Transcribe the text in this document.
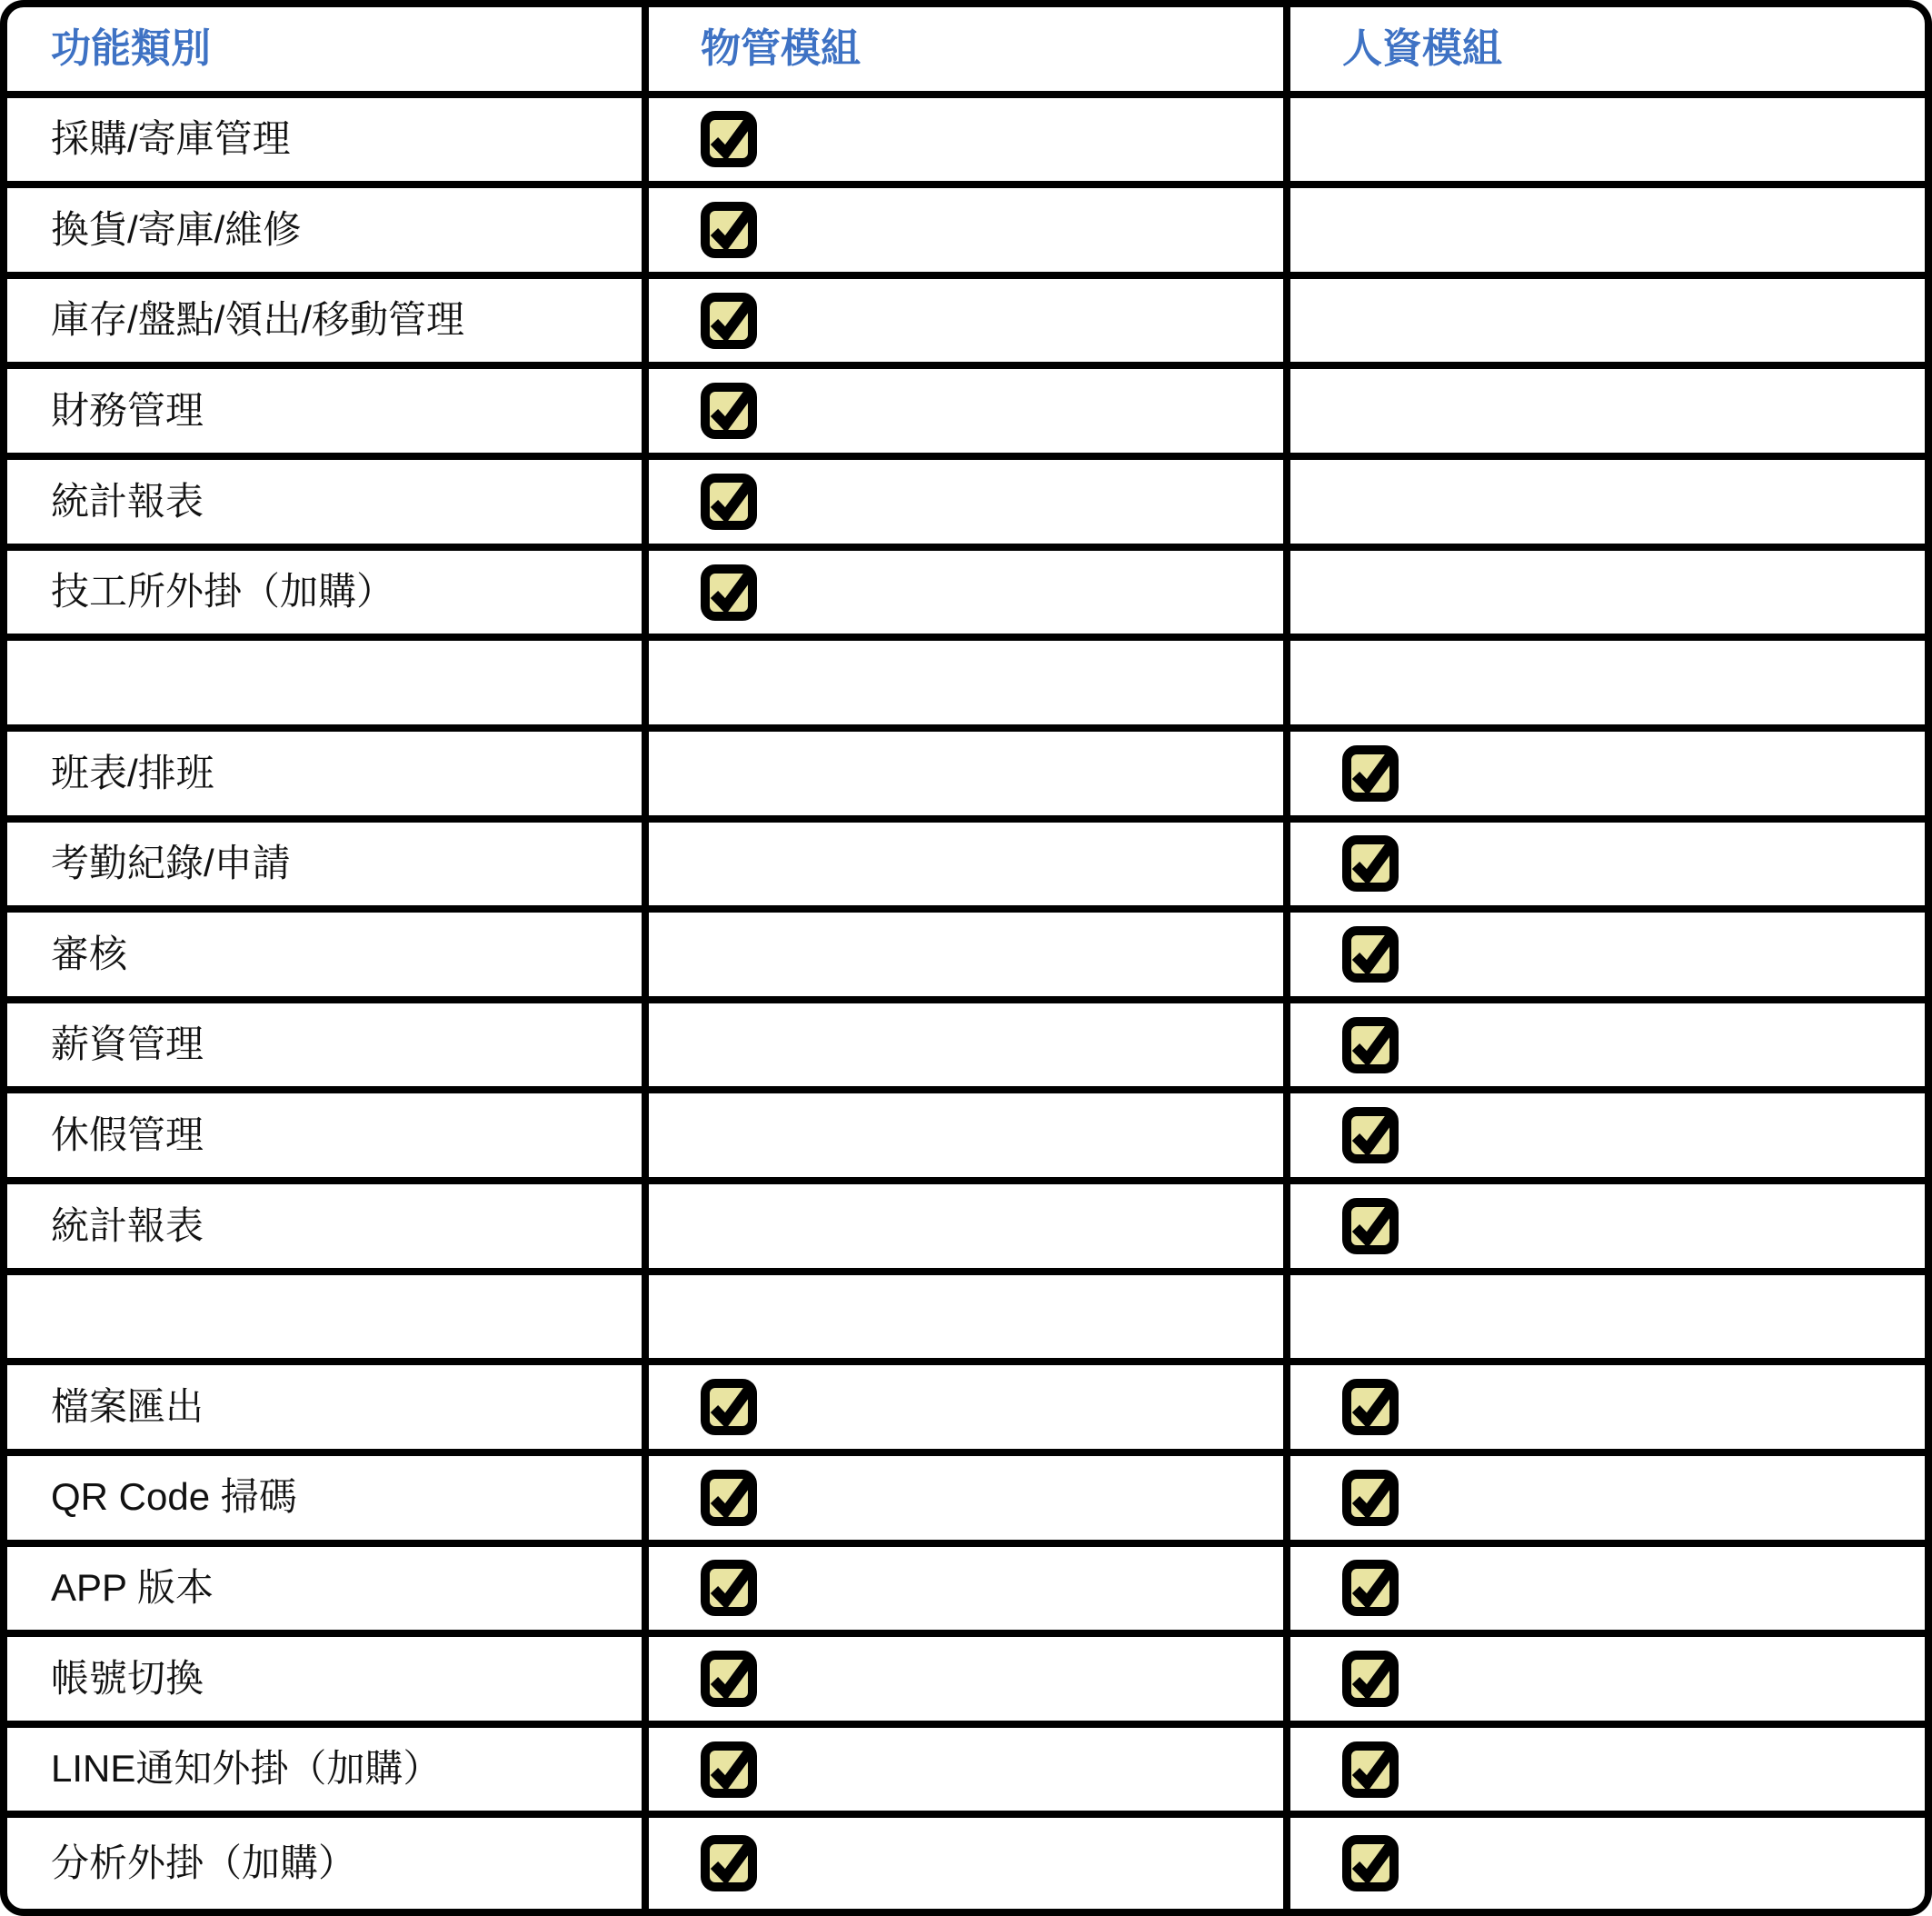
功能類別	物管模組	人資模組
採購/寄庫管理
換貨/寄庫/維修
庫存/盤點/領出/移動管理
財務管理
統計報表
技工所外掛（加購）
班表/排班
考勤紀錄/申請
審核
薪資管理
休假管理
統計報表
檔案匯出
QR Code 掃碼
APP 版本
帳號切換
LINE通知外掛（加購）
分析外掛（加購）
